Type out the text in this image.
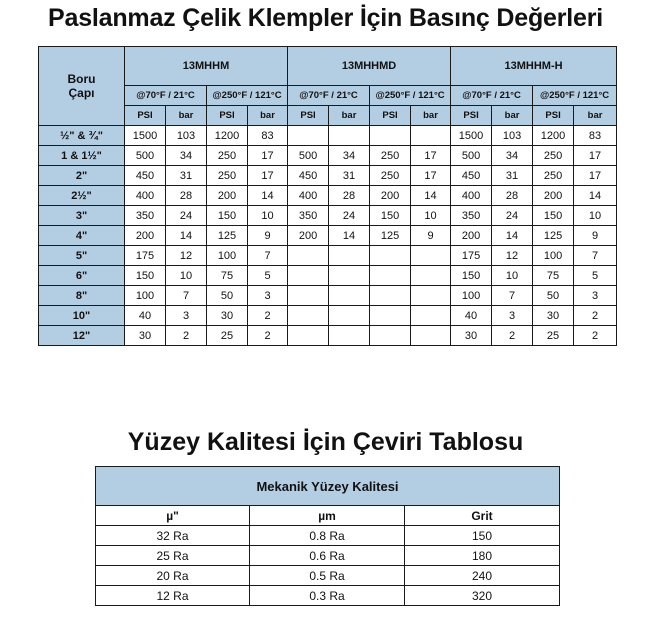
Paslanmaz Çelik Klempler İçin Basınç Değerleri
Boru
Çapı	13MHHM				13MHHMD				13MHHM-H			
	@70°F / 21°C		@250°F / 121°C		@70°F / 21°C		@250°F / 121°C		@70°F / 21°C		@250°F / 121°C	
	PSI	bar	PSI	bar	PSI	bar	PSI	bar	PSI	bar	PSI	bar
½" & ¾"	1500	103	1200	83					1500	103	1200	83
1 & 1½"	500	34	250	17	500	34	250	17	500	34	250	17
2"	450	31	250	17	450	31	250	17	450	31	250	17
2½"	400	28	200	14	400	28	200	14	400	28	200	14
3"	350	24	150	10	350	24	150	10	350	24	150	10
4"	200	14	125	9	200	14	125	9	200	14	125	9
5"	175	12	100	7					175	12	100	7
6"	150	10	75	5					150	10	75	5
8"	100	7	50	3					100	7	50	3
10"	40	3	30	2					40	3	30	2
12"	30	2	25	2					30	2	25	2
Yüzey Kalitesi İçin Çeviri Tablosu
Mekanik Yüzey Kalitesi		
µ"	µm	Grit
32 Ra	0.8 Ra	150
25 Ra	0.6 Ra	180
20 Ra	0.5 Ra	240
12 Ra	0.3 Ra	320
